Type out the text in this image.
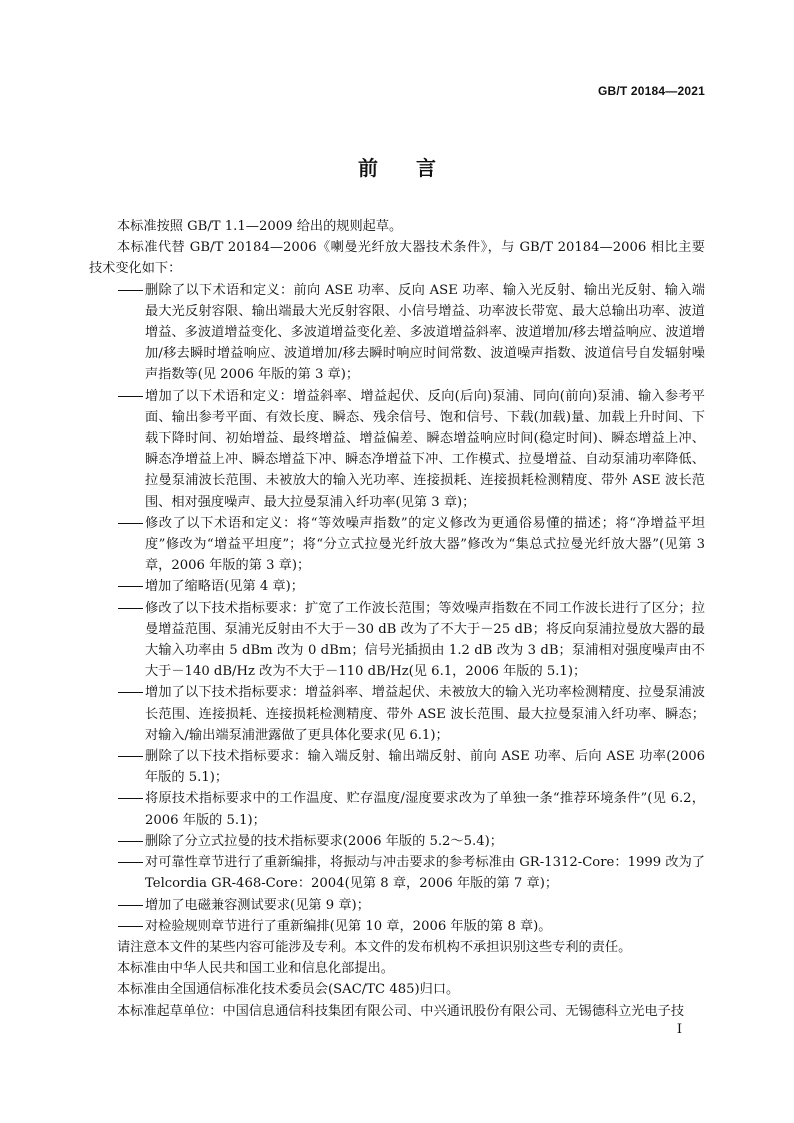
GB/T 20184—2021
前言

本标准按照 GB/T 1.1—2009 给出的规则起草。

本标准代替 GB/T 20184—2006《喇曼光纤放大器技术条件》，与 GB/T 20184—2006 相比主要技术变化如下：

删除了以下术语和定义：前向 ASE 功率、反向 ASE 功率、输入光反射、输出光反射、输入端最大光反射容限、输出端最大光反射容限、小信号增益、功率波长带宽、最大总输出功率、波道增益、多波道增益变化、多波道增益变化差、多波道增益斜率、波道增加/移去增益响应、波道增加/移去瞬时增益响应、波道增加/移去瞬时响应时间常数、波道噪声指数、波道信号自发辐射噪声指数等(见 2006 年版的第 3 章)；

增加了以下术语和定义：增益斜率、增益起伏、反向(后向)泵浦、同向(前向)泵浦、输入参考平面、输出参考平面、有效长度、瞬态、残余信号、饱和信号、下载(加载)量、加载上升时间、下载下降时间、初始增益、最终增益、增益偏差、瞬态增益响应时间(稳定时间)、瞬态增益上冲、瞬态净增益上冲、瞬态增益下冲、瞬态净增益下冲、工作模式、拉曼增益、自动泵浦功率降低、拉曼泵浦波长范围、未被放大的输入光功率、连接损耗、连接损耗检测精度、带外 ASE 波长范围、相对强度噪声、最大拉曼泵浦入纤功率(见第 3 章)；

修改了以下术语和定义：将“等效噪声指数”的定义修改为更通俗易懂的描述；将“净增益平坦度”修改为“增益平坦度”；将“分立式拉曼光纤放大器”修改为“集总式拉曼光纤放大器”(见第 3 章，2006 年版的第 3 章)；

增加了缩略语(见第 4 章)；

修改了以下技术指标要求：扩宽了工作波长范围；等效噪声指数在不同工作波长进行了区分；拉曼增益范围、泵浦光反射由不大于－30 dB 改为了不大于－25 dB；将反向泵浦拉曼放大器的最大输入功率由 5 dBm 改为 0 dBm；信号光插损由 1.2 dB 改为 3 dB；泵浦相对强度噪声由不大于－140 dB/Hz 改为不大于－110 dB/Hz(见 6.1，2006 年版的 5.1)；

增加了以下技术指标要求：增益斜率、增益起伏、未被放大的输入光功率检测精度、拉曼泵浦波长范围、连接损耗、连接损耗检测精度、带外 ASE 波长范围、最大拉曼泵浦入纤功率、瞬态；对输入/输出端泵浦泄露做了更具体化要求(见 6.1)；

删除了以下技术指标要求：输入端反射、输出端反射、前向 ASE 功率、后向 ASE 功率(2006 年版的 5.1)；

将原技术指标要求中的工作温度、贮存温度/湿度要求改为了单独一条“推荐环境条件”(见 6.2，2006 年版的 5.1)；

删除了分立式拉曼的技术指标要求(2006 年版的 5.2～5.4)；

对可靠性章节进行了重新编排，将振动与冲击要求的参考标准由 GR-1312-Core：1999 改为了 Telcordia GR-468-Core：2004(见第 8 章，2006 年版的第 7 章)；

增加了电磁兼容测试要求(见第 9 章)；

对检验规则章节进行了重新编排(见第 10 章，2006 年版的第 8 章)。

请注意本文件的某些内容可能涉及专利。本文件的发布机构不承担识别这些专利的责任。

本标准由中华人民共和国工业和信息化部提出。

本标准由全国通信标准化技术委员会(SAC/TC 485)归口。

本标准起草单位：中国信息通信科技集团有限公司、中兴通讯股份有限公司、无锡德科立光电子技

I
